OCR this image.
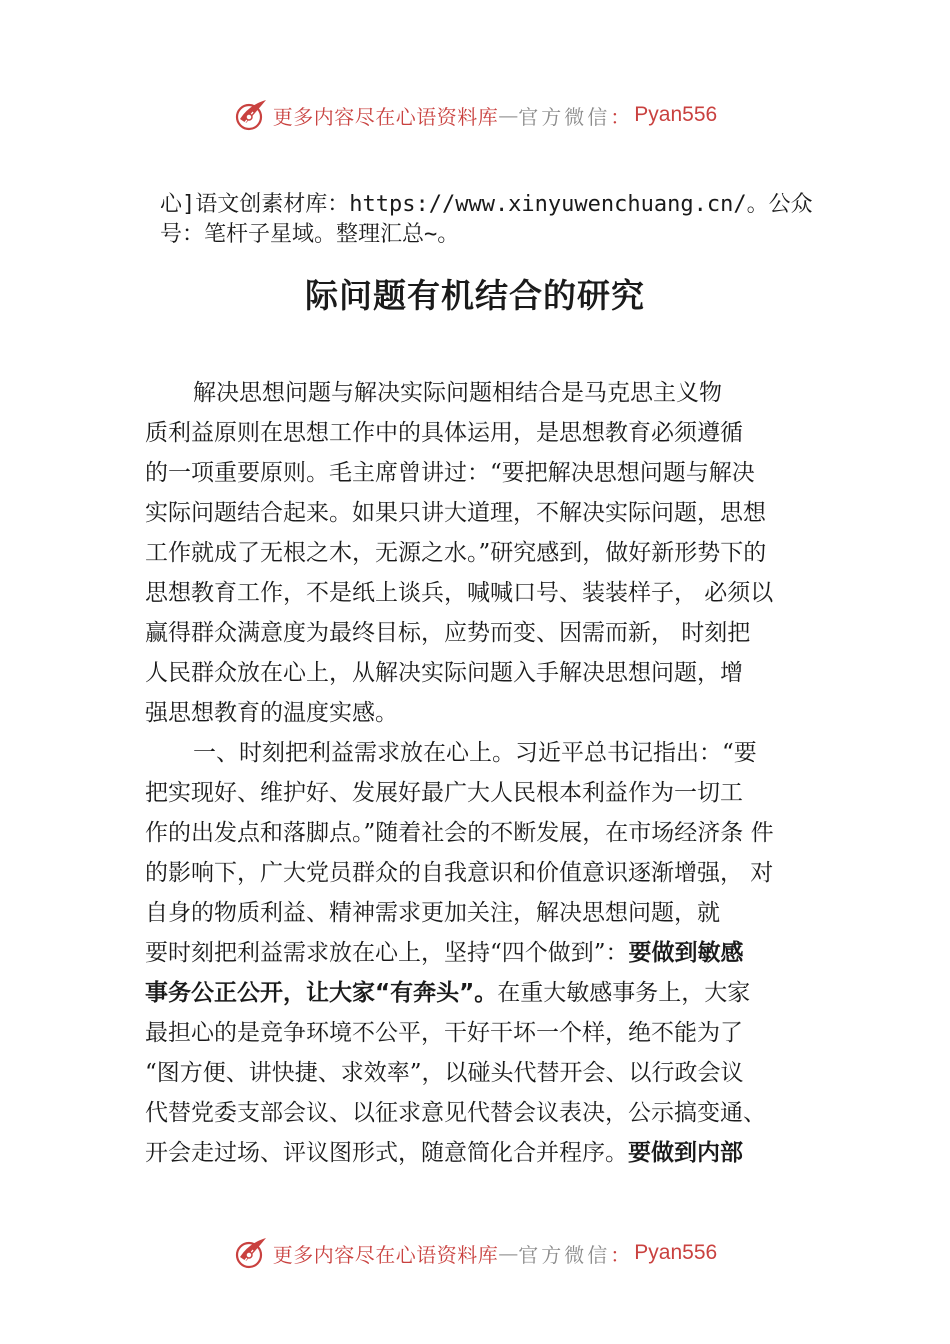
更多内容尽在心语资料库 — 官方微信 ： Pyan556
心]语文创素材库：https://www.xinyuwenchuang.cn/。公众
号：笔杆子星域。整理汇总~。
际问题有机结合的研究
解决思想问题与解决实际问题相结合是马克思主义物
质利益原则在思想工作中的具体运用，是思想教育必须遵循
的一项重要原则。毛主席曾讲过：“要把解决思想问题与解决
实际问题结合起来。如果只讲大道理，不解决实际问题，思想
工作就成了无根之木，无源之水。”研究感到，做好新形势下的
思想教育工作，不是纸上谈兵，喊喊口号、装装样子， 必须以
赢得群众满意度为最终目标，应势而变、因需而新， 时刻把
人民群众放在心上，从解决实际问题入手解决思想问题，增
强思想教育的温度实感。
一、时刻把利益需求放在心上。习近平总书记指出：“要
把实现好、维护好、发展好最广大人民根本利益作为一切工
作的出发点和落脚点。”随着社会的不断发展，在市场经济条 件
的影响下，广大党员群众的自我意识和价值意识逐渐增强， 对
自身的物质利益、精神需求更加关注，解决思想问题，就
要时刻把利益需求放在心上，坚持“四个做到”：要做到敏感
事务公正公开，让大家“有奔头”。在重大敏感事务上，大家
最担心的是竞争环境不公平，干好干坏一个样，绝不能为了
“图方便、讲快捷、求效率”，以碰头代替开会、以行政会议
代替党委支部会议、以征求意见代替会议表决，公示搞变通、
开会走过场、评议图形式，随意简化合并程序。要做到内部
更多内容尽在心语资料库 — 官方微信 ： Pyan556
